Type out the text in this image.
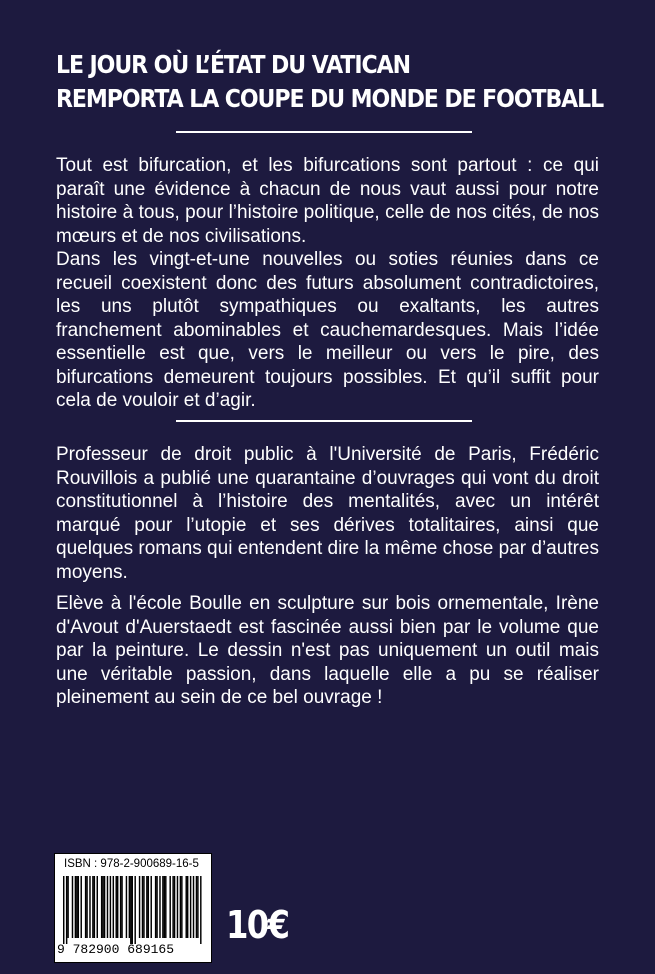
LE JOUR OÙ L’ÉTAT DU VATICAN
REMPORTA LA COUPE DU MONDE DE FOOTBALL

Tout est bifurcation, et les bifurcations sont partout : ce qui paraît une évidence à chacun de nous vaut aussi pour notre histoire à tous, pour l’histoire politique, celle de nos cités, de nos mœurs et de nos civilisations.

Dans les vingt-et-une nouvelles ou soties réunies dans ce recueil coexistent donc des futurs absolument contradictoires, les uns plutôt sympathiques ou exaltants, les autres franchement abominables et cauchemardesques. Mais l’idée essentielle est que, vers le meilleur ou vers le pire, des bifurcations demeurent toujours possibles. Et qu’il suffit pour cela de vouloir et d’agir.

Professeur de droit public à l'Université de Paris, Frédéric Rouvillois a publié une quarantaine d’ouvrages qui vont du droit constitutionnel à l’histoire des mentalités, avec un intérêt marqué pour l’utopie et ses dérives totalitaires, ainsi que quelques romans qui entendent dire la même chose par d’autres moyens.

Elève à l'école Boulle en sculpture sur bois ornementale, Irène d'Avout d'Auerstaedt est fascinée aussi bien par le volume que par la peinture. Le dessin n'est pas uniquement un outil mais une véritable passion, dans laquelle elle a pu se réaliser pleinement au sein de ce bel ouvrage !

ISBN : 978-2-900689-16-5
9 782900 689165
10€
